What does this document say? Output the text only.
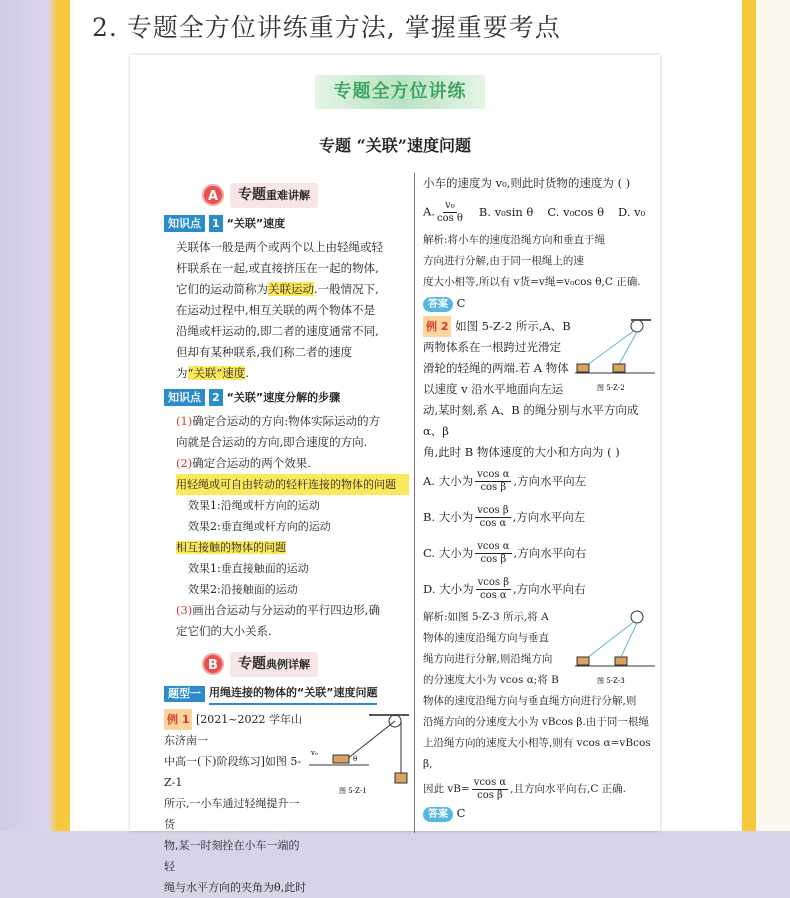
2. 专题全方位讲练重方法, 掌握重要考点
专题全方位讲练
专题 “关联”速度问题
A	专题重难讲解
知识点	1 “关联”速度
关联体一般是两个或两个以上由轻绳或轻
杆联系在一起,或直接挤压在一起的物体,
它们的运动简称为关联运动.一般情况下,
在运动过程中,相互关联的两个物体不是
沿绳或杆运动的,即二者的速度通常不同,
但却有某种联系,我们称二者的速度
为“关联”速度.
知识点	2 “关联”速度分解的步骤
(1)确定合运动的方向:物体实际运动的方
向就是合运动的方向,即合速度的方向.
(2)确定合运动的两个效果.
用轻绳或可自由转动的轻杆连接的物体的问题
效果1:沿绳或杆方向的运动
效果2:垂直绳或杆方向的运动
相互接触的物体的问题
效果1:垂直接触面的运动
效果2:沿接触面的运动
(3)画出合运动与分运动的平行四边形,确
定它们的大小关系.
B	专题典例详解
题型一 用绳连接的物体的“关联”速度问题
v₀
θ
图 5-Z-1
例 1 [2021~2022 学年山东济南一
中高一(下)阶段练习]如图 5-Z-1
所示,一小车通过轻绳提升一货
物,某一时刻拴在小车一端的轻
绳与水平方向的夹角为θ,此时
小车的速度为 v₀,则此时货物的速度为 ( )
A. $\frac{\text{v₀}}{\text{cos θ}} B$. v₀sin θ C. v₀cos θ D. v₀
解析:将小车的速度沿绳方向和垂直于绳
方向进行分解,由于同一根绳上的速
度大小相等,所以有 v货=v绳=v₀cos θ,C 正确.
答案 C
图 5-Z-2
例 2 如图 5-Z-2 所示,A、B
两物体系在一根跨过光滑定
滑轮的轻绳的两端.若 A 物体
以速度 v 沿水平地面向左运
动,某时刻,系 A、B 的绳分别与水平方向成 α、β
角,此时 B 物体速度的大小和方向为 ( )
A. 大小为 $\frac{\text{vcos α}}{\text{cos β}}$ ,方向水平向左
B. 大小为 $\frac{\text{vcos β}}{\text{cos α}}$ ,方向水平向左
C. 大小为 $\frac{\text{vcos α}}{\text{cos β}}$ ,方向水平向右
D. 大小为 $\frac{\text{vcos β}}{\text{cos α}}$ ,方向水平向右
图 5-Z-3
解析:如图 5-Z-3 所示,将 A
物体的速度沿绳方向与垂直
绳方向进行分解,则沿绳方向
的分速度大小为 vcos α;将 B
物体的速度沿绳方向与垂直绳方向进行分解,则
沿绳方向的分速度大小为 vBcos β.由于同一根绳
上沿绳方向的速度大小相等,则有 vcos α=vBcos β,
因此 $vB= \frac{\text{vcos α}}{\text{cos β}}$ ,且方向水平向右,C 正确.
答案 C
